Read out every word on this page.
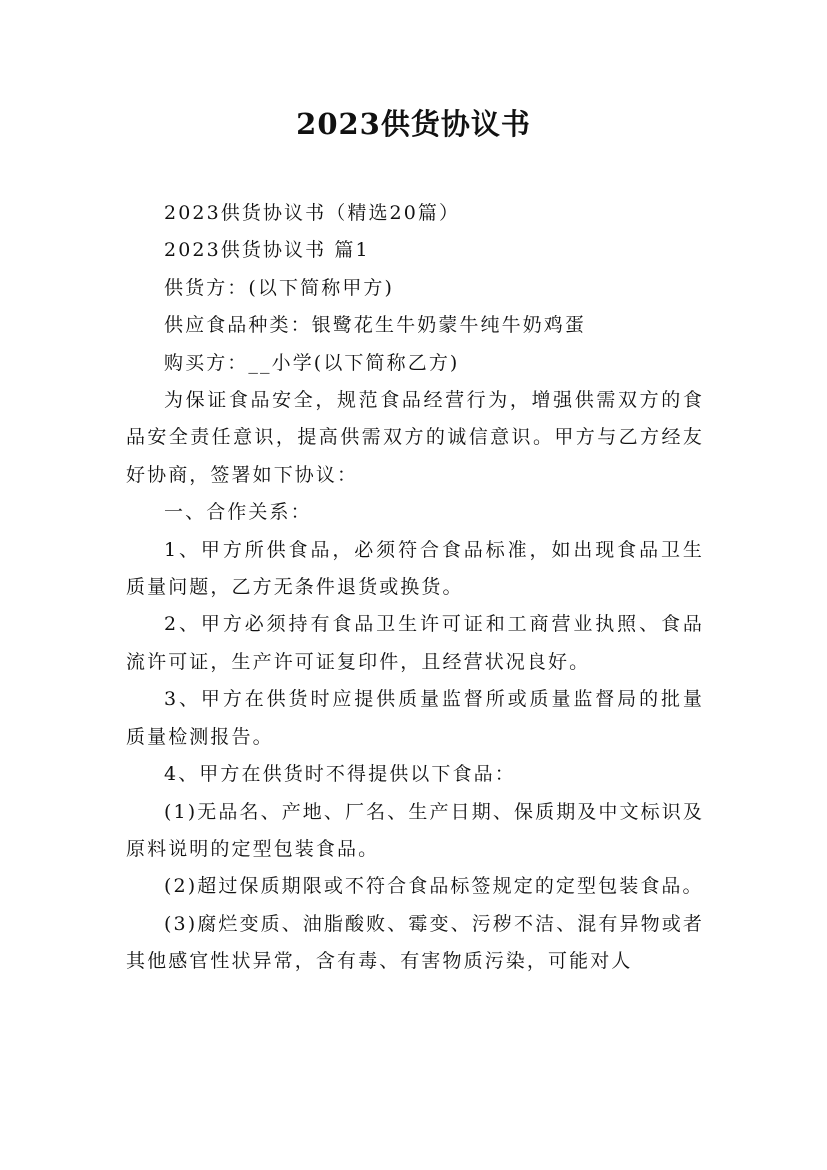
2023供货协议书

2023供货协议书（精选20篇）

2023供货协议书 篇1

供货方：(以下简称甲方)

供应食品种类：银鹭花生牛奶蒙牛纯牛奶鸡蛋

购买方：__小学(以下简称乙方)

为保证食品安全，规范食品经营行为，增强供需双方的食品安全责任意识，提高供需双方的诚信意识。甲方与乙方经友好协商，签署如下协议：

一、合作关系：

1、甲方所供食品，必须符合食品标准，如出现食品卫生质量问题，乙方无条件退货或换货。

2、甲方必须持有食品卫生许可证和工商营业执照、食品流许可证，生产许可证复印件，且经营状况良好。

3、甲方在供货时应提供质量监督所或质量监督局的批量质量检测报告。

4、甲方在供货时不得提供以下食品：

(1)无品名、产地、厂名、生产日期、保质期及中文标识及原料说明的定型包装食品。

(2)超过保质期限或不符合食品标签规定的定型包装食品。

(3)腐烂变质、油脂酸败、霉变、污秽不洁、混有异物或者其他感官性状异常，含有毒、有害物质污染，可能对人
